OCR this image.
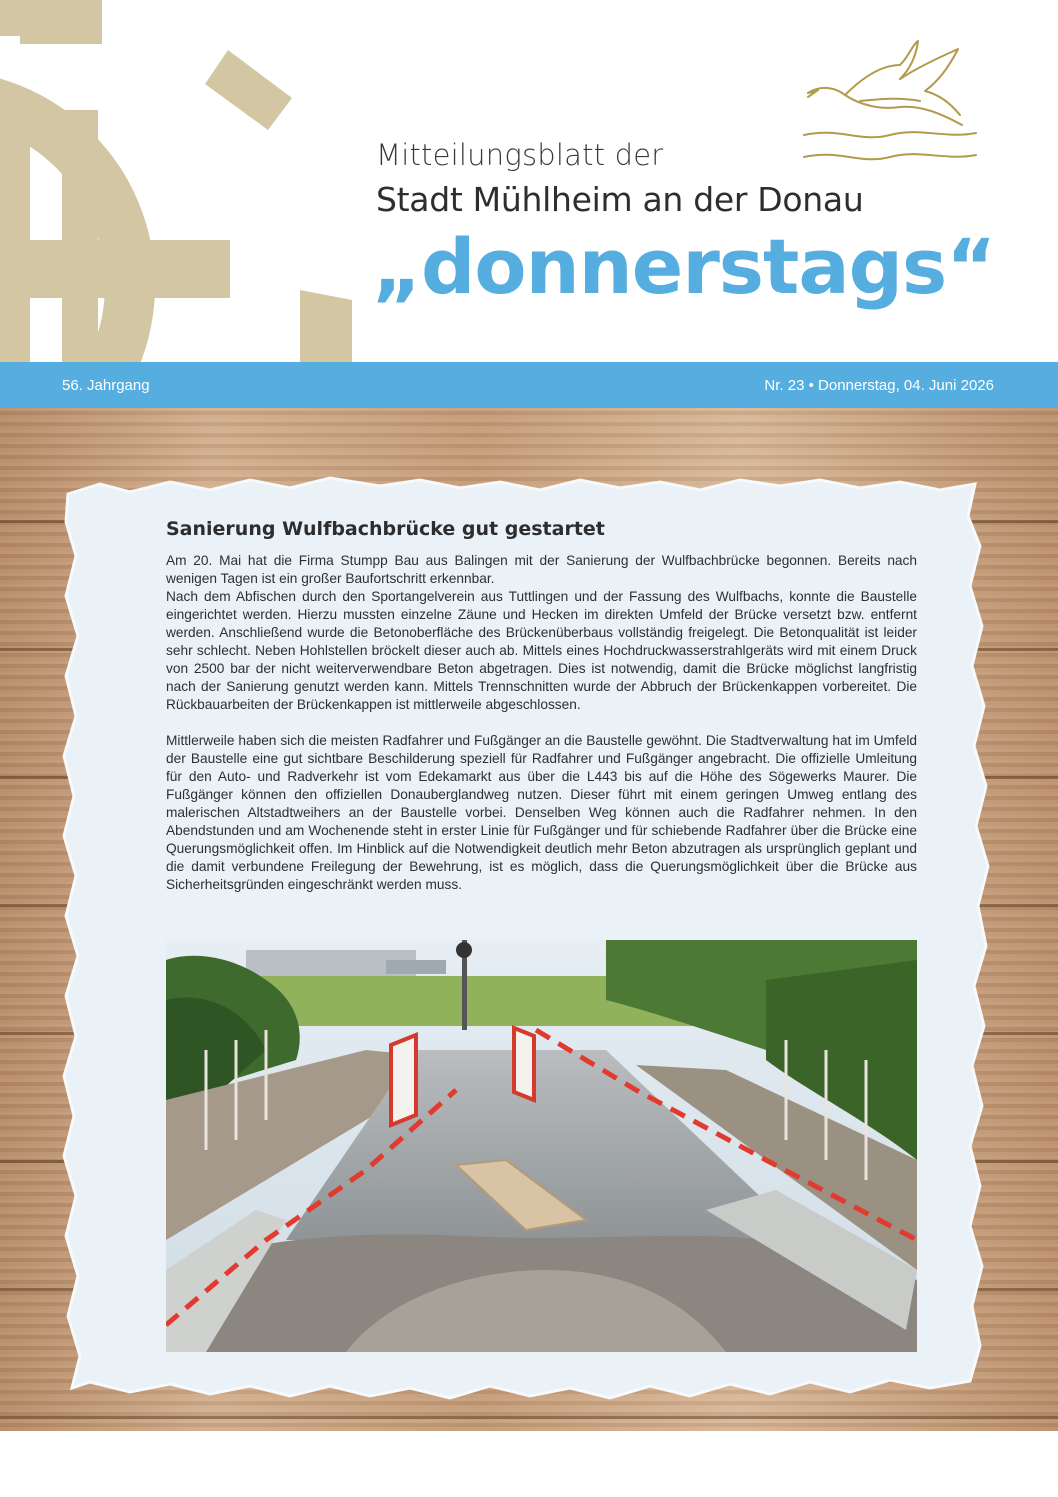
Mitteilungsblatt der
Stadt Mühlheim an der Donau
„donnerstags“
56. Jahrgang	Nr. 23 • Donnerstag, 04. Juni 2026
Sanierung Wulfbachbrücke gut gestartet

Am 20. Mai hat die Firma Stumpp Bau aus Balingen mit der Sanierung der Wulfbachbrücke begonnen. Bereits nach wenigen Tagen ist ein großer Baufortschritt erkennbar.

Nach dem Abfischen durch den Sportangelverein aus Tuttlingen und der Fassung des Wulfbachs, konnte die Baustelle eingerichtet werden. Hierzu mussten einzelne Zäune und Hecken im direkten Umfeld der Brücke versetzt bzw. entfernt werden. Anschließend wurde die Betonoberfläche des Brückenüberbaus vollständig freigelegt. Die Betonqualität ist leider sehr schlecht. Neben Hohlstellen bröckelt dieser auch ab. Mittels eines Hochdruckwasserstrahlgeräts wird mit einem Druck von 2500 bar der nicht weiterverwendbare Beton abgetragen. Dies ist notwendig, damit die Brücke möglichst langfristig nach der Sanierung genutzt werden kann. Mittels Trennschnitten wurde der Abbruch der Brückenkappen vorbereitet. Die Rückbauarbeiten der Brückenkappen ist mittlerweile abgeschlossen.

Mittlerweile haben sich die meisten Radfahrer und Fußgänger an die Baustelle gewöhnt. Die Stadtverwaltung hat im Umfeld der Baustelle eine gut sichtbare Beschilderung speziell für Radfahrer und Fußgänger angebracht. Die offizielle Umleitung für den Auto- und Radverkehr ist vom Edekamarkt aus über die L443 bis auf die Höhe des Sögewerks Maurer. Die Fußgänger können den offiziellen Donauberglandweg nutzen. Dieser führt mit einem geringen Umweg entlang des malerischen Altstadtweihers an der Baustelle vorbei. Denselben Weg können auch die Radfahrer nehmen. In den Abendstunden und am Wochenende steht in erster Linie für Fußgänger und für schiebende Radfahrer über die Brücke eine Querungsmöglichkeit offen. Im Hinblick auf die Notwendigkeit deutlich mehr Beton abzutragen als ursprünglich geplant und die damit verbundene Freilegung der Bewehrung, ist es möglich, dass die Querungsmöglichkeit über die Brücke aus Sicherheitsgründen eingeschränkt werden muss.
